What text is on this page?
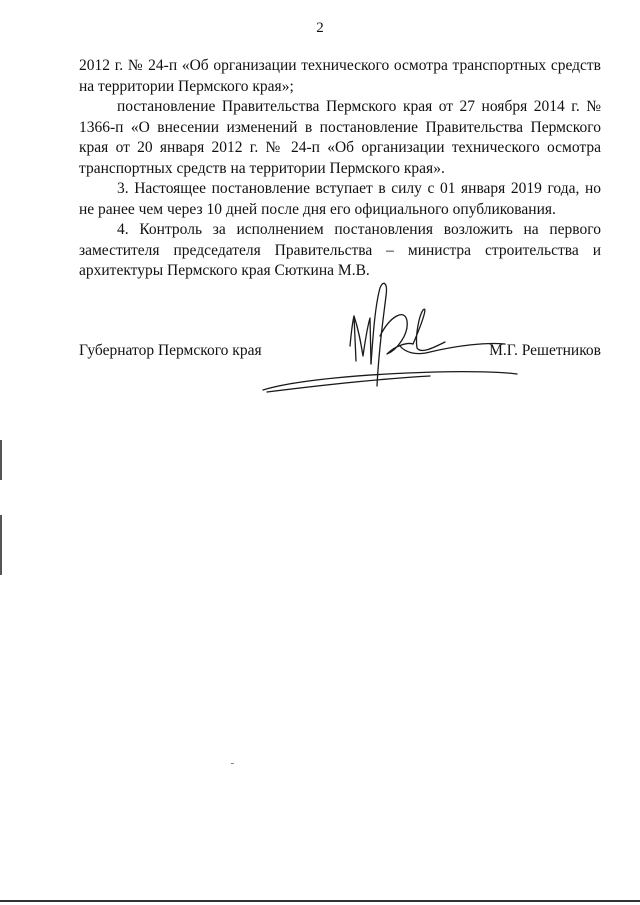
2

2012 г. № 24-п «Об организации технического осмотра транспортных средств на территории Пермского края»;

постановление Правительства Пермского края от 27 ноября 2014 г. № 1366-п «О внесении изменений в постановление Правительства Пермского края от 20 января 2012 г. № 24-п «Об организации технического осмотра транспортных средств на территории Пермского края».

3. Настоящее постановление вступает в силу с 01 января 2019 года, но не ранее чем через 10 дней после дня его официального опубликования.

4. Контроль за исполнением постановления возложить на первого заместителя председателя Правительства – министра строительства и архитектуры Пермского края Сюткина М.В.

Губернатор Пермского края	М.Г. Решетников
